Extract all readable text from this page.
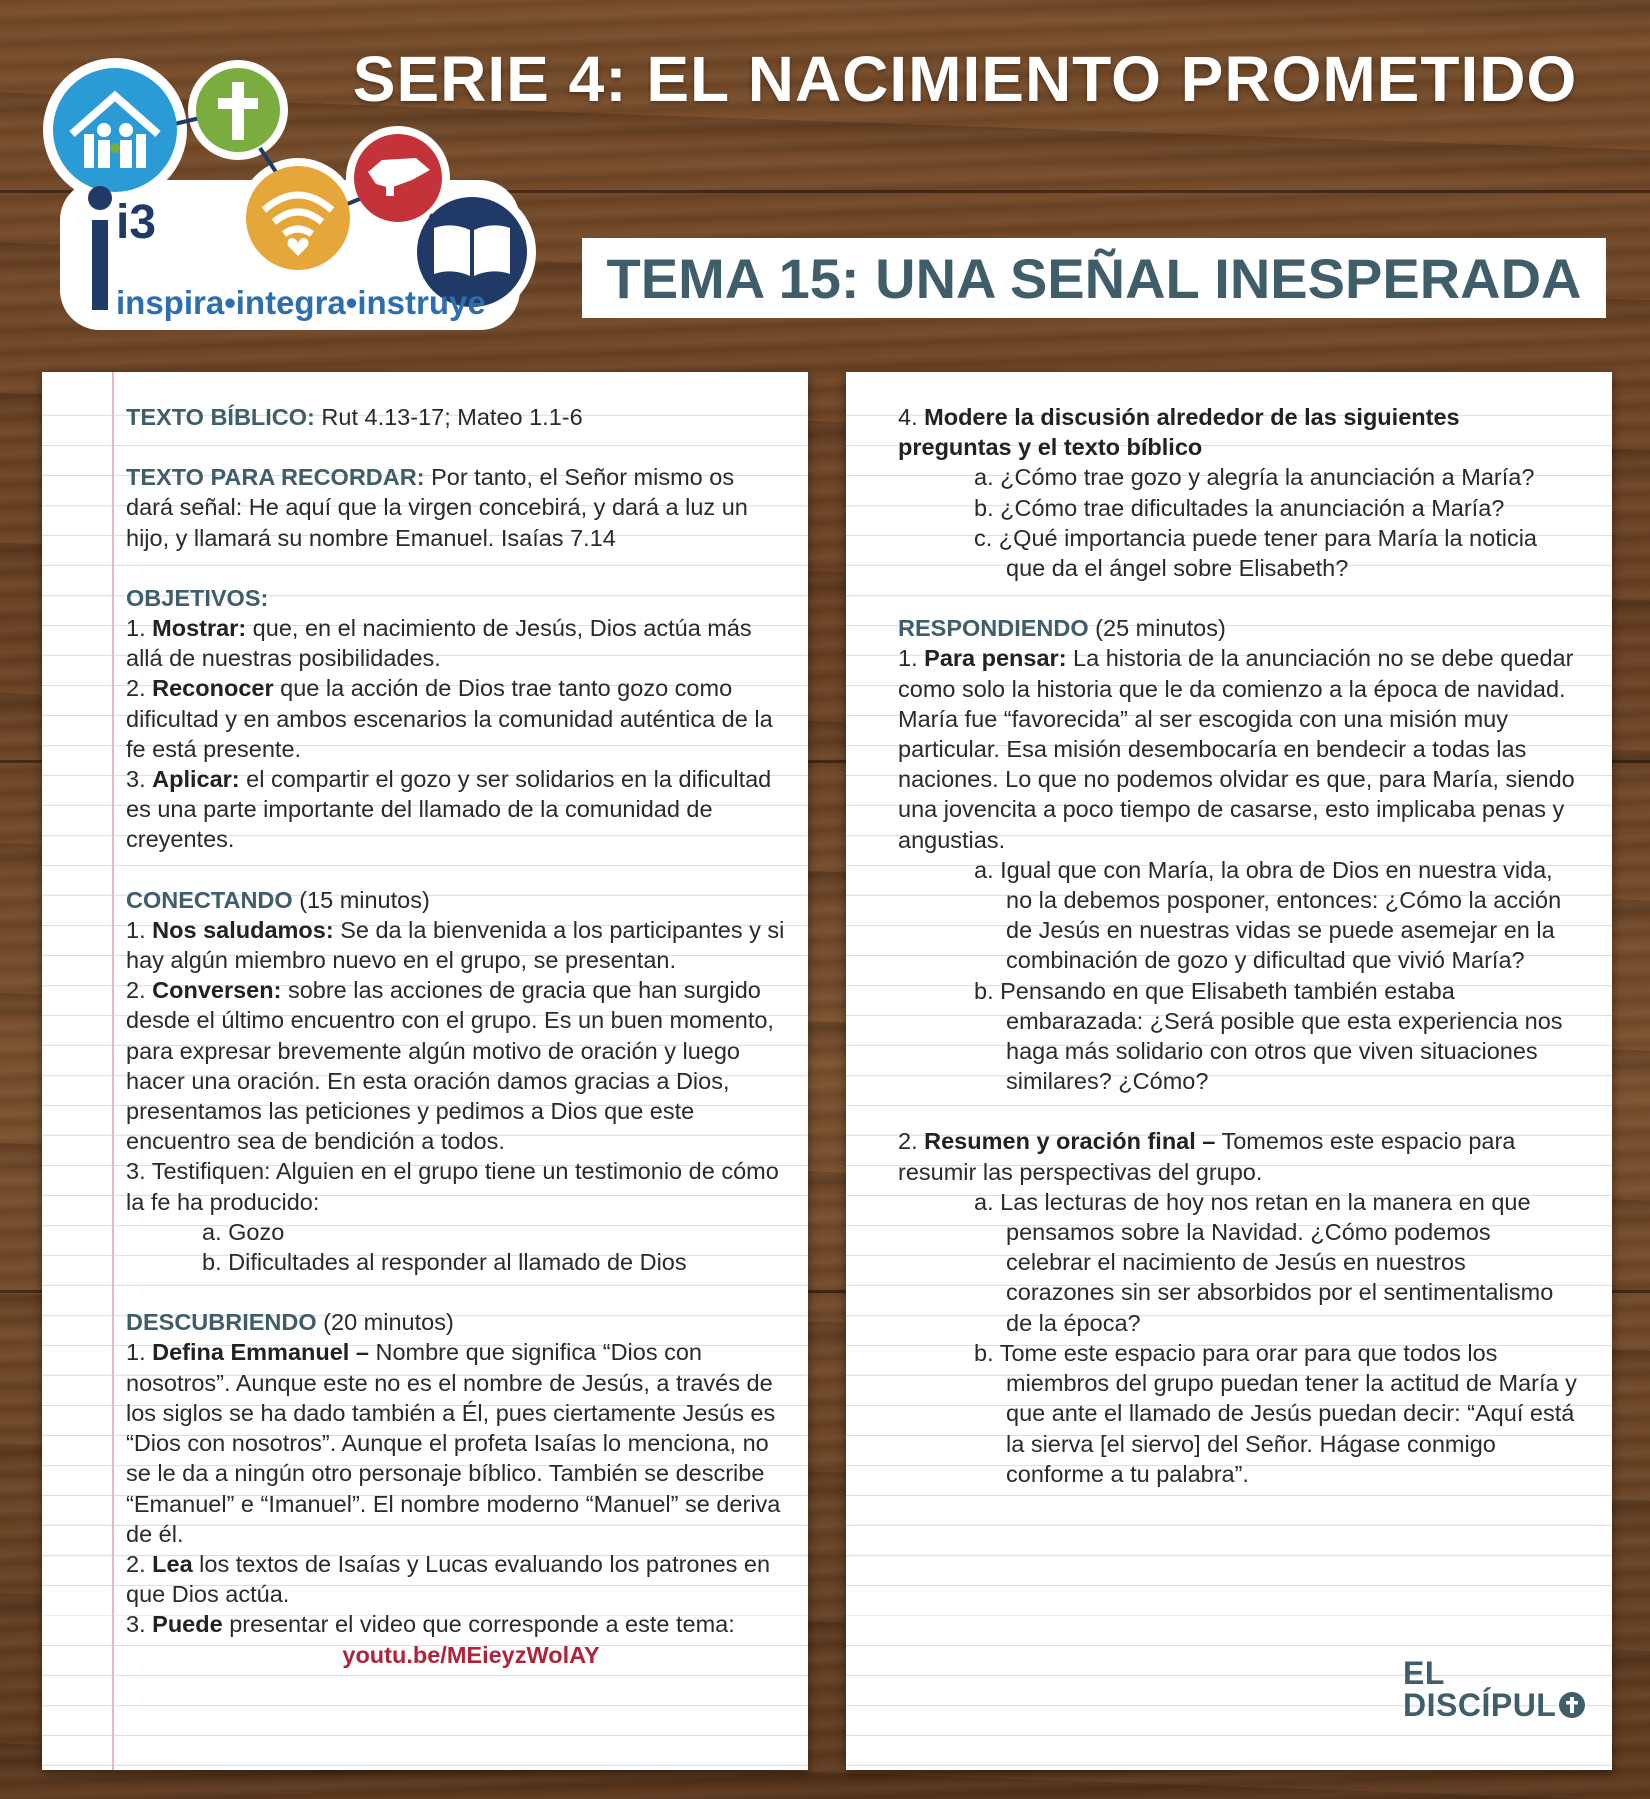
i3
inspira•integra•instruye
SERIE 4: EL NACIMIENTO PROMETIDO
TEMA 15: UNA SEÑAL INESPERADA

TEXTO BÍBLICO: Rut 4.13-17; Mateo 1.1-6

TEXTO PARA RECORDAR: Por tanto, el Señor mismo os dará señal: He aquí que la virgen concebirá, y dará a luz un hijo, y llamará su nombre Emanuel. Isaías 7.14

OBJETIVOS:

1. Mostrar: que, en el nacimiento de Jesús, Dios actúa más allá de nuestras posibilidades.

2. Reconocer que la acción de Dios trae tanto gozo como dificultad y en ambos escenarios la comunidad auténtica de la fe está presente.

3. Aplicar: el compartir el gozo y ser solidarios en la dificultad es una parte importante del llamado de la comunidad de creyentes.

CONECTANDO (15 minutos)

1. Nos saludamos: Se da la bienvenida a los participantes y si hay algún miembro nuevo en el grupo, se presentan.

2. Conversen: sobre las acciones de gracia que han surgido desde el último encuentro con el grupo. Es un buen momento, para expresar brevemente algún motivo de oración y luego hacer una oración. En esta oración damos gracias a Dios, presentamos las peticiones y pedimos a Dios que este encuentro sea de bendición a todos.

3. Testifiquen: Alguien en el grupo tiene un testimonio de cómo la fe ha producido:

a. Gozo

b. Dificultades al responder al llamado de Dios

DESCUBRIENDO (20 minutos)

1. Defina Emmanuel – Nombre que significa “Dios con nosotros”. Aunque este no es el nombre de Jesús, a través de los siglos se ha dado también a Él, pues ciertamente Jesús es “Dios con nosotros”. Aunque el profeta Isaías lo menciona, no se le da a ningún otro personaje bíblico. También se describe “Emanuel” e “Imanuel”. El nombre moderno “Manuel” se deriva de él.

2. Lea los textos de Isaías y Lucas evaluando los patrones en que Dios actúa.

3. Puede presentar el video que corresponde a este tema:

youtu.be/MEieyzWolAY

4. Modere la discusión alrededor de las siguientes preguntas y el texto bíblico

a. ¿Cómo trae gozo y alegría la anunciación a María?

b. ¿Cómo trae dificultades la anunciación a María?

c. ¿Qué importancia puede tener para María la noticia que da el ángel sobre Elisabeth?

RESPONDIENDO (25 minutos)

1. Para pensar: La historia de la anunciación no se debe quedar como solo la historia que le da comienzo a la época de navidad. María fue “favorecida” al ser escogida con una misión muy particular. Esa misión desembocaría en bendecir a todas las naciones. Lo que no podemos olvidar es que, para María, siendo una jovencita a poco tiempo de casarse, esto implicaba penas y angustias.

a. Igual que con María, la obra de Dios en nuestra vida, no la debemos posponer, entonces: ¿Cómo la acción de Jesús en nuestras vidas se puede asemejar en la combinación de gozo y dificultad que vivió María?

b. Pensando en que Elisabeth también estaba embarazada: ¿Será posible que esta experiencia nos haga más solidario con otros que viven situaciones similares? ¿Cómo?

2. Resumen y oración final – Tomemos este espacio para resumir las perspectivas del grupo.

a. Las lecturas de hoy nos retan en la manera en que pensamos sobre la Navidad. ¿Cómo podemos celebrar el nacimiento de Jesús en nuestros corazones sin ser absorbidos por el sentimentalismo de la época?

b. Tome este espacio para orar para que todos los miembros del grupo puedan tener la actitud de María y que ante el llamado de Jesús puedan decir: “Aquí está la sierva [el siervo] del Señor. Hágase conmigo conforme a tu palabra”.

EL
DISCÍPUL
